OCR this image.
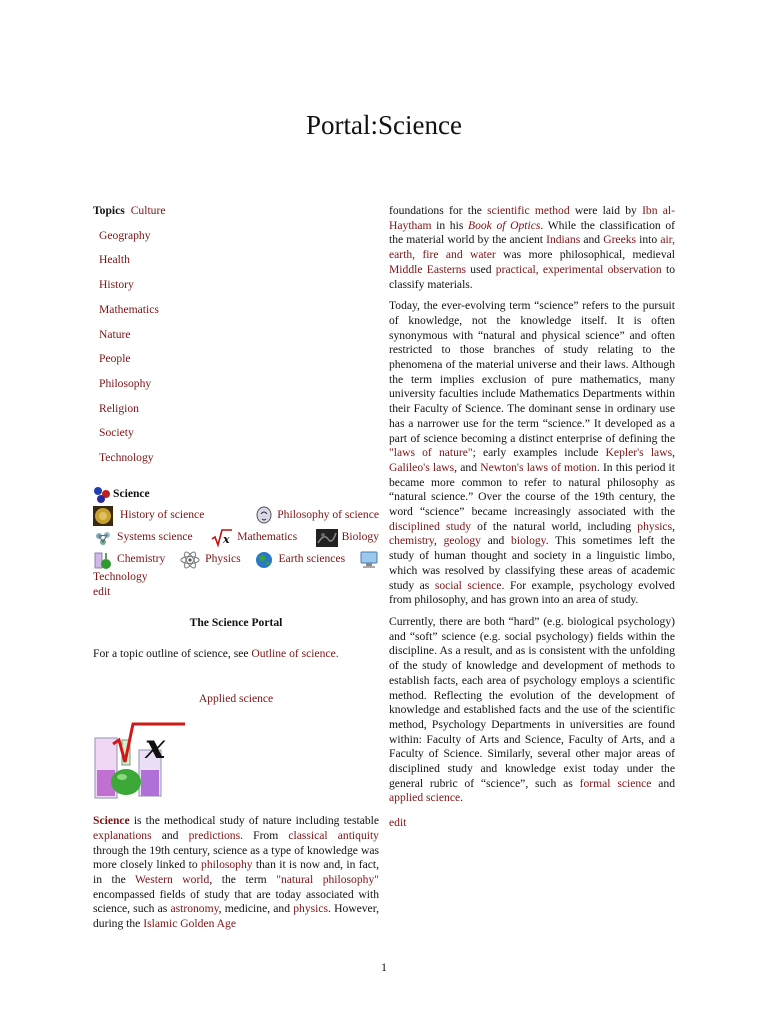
Portal:Science
Topics Culture
Geography
Health
History
Mathematics
Nature
People
Philosophy
Religion
Society
Technology
Science
History of science	Philosophy of science
Systems science	x Mathematics	Biology
Chemistry	Physics	Earth sciences
Technology
edit
The Science Portal
For a topic outline of science, see Outline of science.
Applied science
x

Science is the methodical study of nature including testable explanations and predictions. From classical antiquity through the 19th century, science as a type of knowledge was more closely linked to philosophy than it is now and, in fact, in the Western world, the term "natural philosophy" encompassed fields of study that are today associated with science, such as astronomy, medicine, and physics. However, during the Islamic Golden Age

foundations for the scientific method were laid by Ibn al-Haytham in his Book of Optics. While the classification of the material world by the ancient Indians and Greeks into air, earth, fire and water was more philosophical, medieval Middle Easterns used practical, experimental observation to classify materials.

Today, the ever-evolving term “science” refers to the pursuit of knowledge, not the knowledge itself. It is often synonymous with “natural and physical science” and often restricted to those branches of study relating to the phenomena of the material universe and their laws. Although the term implies exclusion of pure mathematics, many university faculties include Mathematics Departments within their Faculty of Science. The dominant sense in ordinary use has a narrower use for the term “science.” It developed as a part of science becoming a distinct enterprise of defining the "laws of nature"; early examples include Kepler's laws, Galileo's laws, and Newton's laws of motion. In this period it became more common to refer to natural philosophy as “natural science.” Over the course of the 19th century, the word “science” became increasingly associated with the disciplined study of the natural world, including physics, chemistry, geology and biology. This sometimes left the study of human thought and society in a linguistic limbo, which was resolved by classifying these areas of academic study as social science. For example, psychology evolved from philosophy, and has grown into an area of study.

Currently, there are both “hard” (e.g. biological psychology) and “soft” science (e.g. social psychology) fields within the discipline. As a result, and as is consistent with the unfolding of the study of knowledge and development of methods to establish facts, each area of psychology employs a scientific method. Reflecting the evolution of the development of knowledge and established facts and the use of the scientific method, Psychology Departments in universities are found within: Faculty of Arts and Science, Faculty of Arts, and a Faculty of Science. Similarly, several other major areas of disciplined study and knowledge exist today under the general rubric of “science”, such as formal science and applied science.

edit
1
